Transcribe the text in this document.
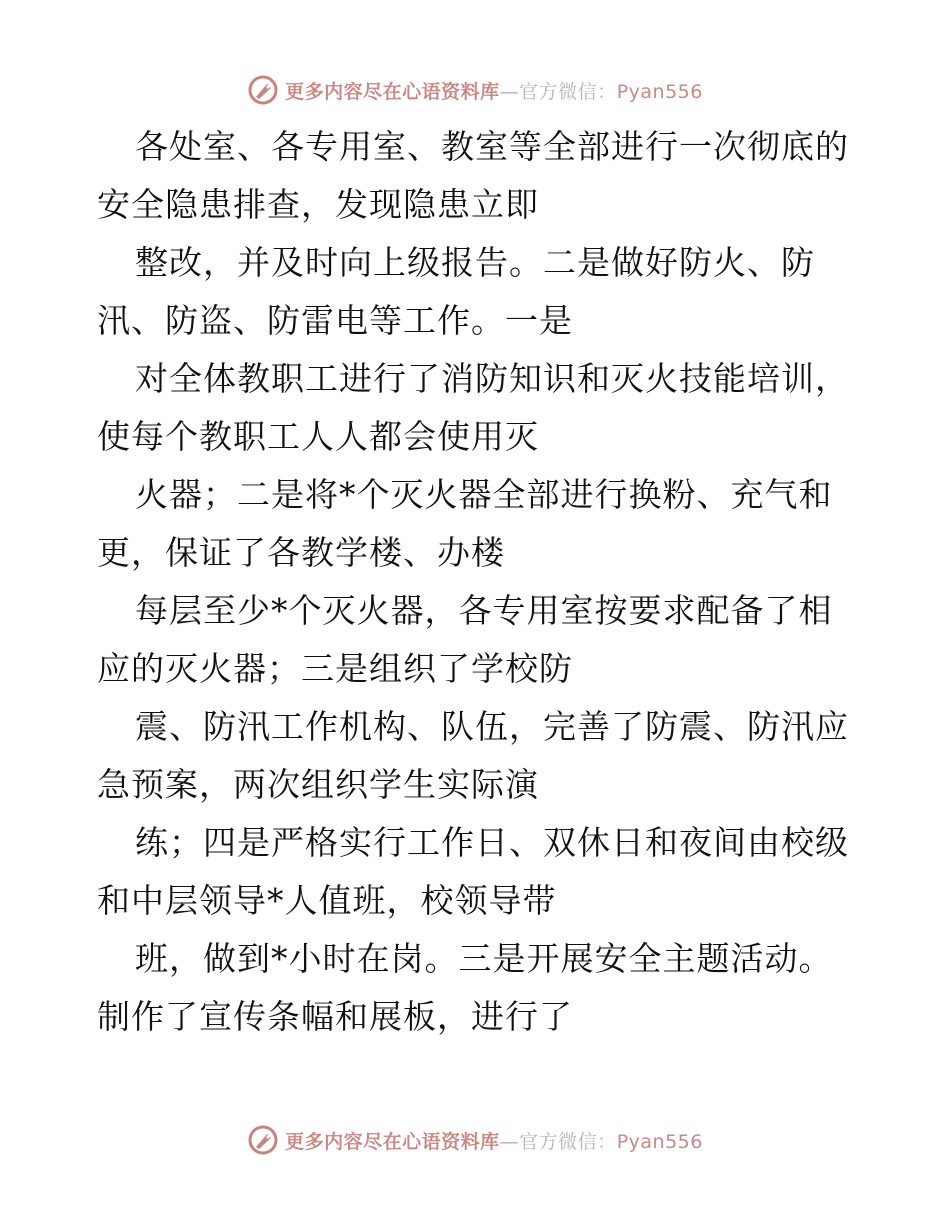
更多内容尽在心语资料库—官方微信：Pyan556
各处室、各专用室、教室等全部进行一次彻底的
安全隐患排查，发现隐患立即
整改，并及时向上级报告。二是做好防火、防
汛、防盗、防雷电等工作。一是
对全体教职工进行了消防知识和灭火技能培训，
使每个教职工人人都会使用灭
火器；二是将*个灭火器全部进行换粉、充气和
更，保证了各教学楼、办楼
每层至少*个灭火器，各专用室按要求配备了相
应的灭火器；三是组织了学校防
震、防汛工作机构、队伍，完善了防震、防汛应
急预案，两次组织学生实际演
练；四是严格实行工作日、双休日和夜间由校级
和中层领导*人值班，校领导带
班，做到*小时在岗。三是开展安全主题活动。
制作了宣传条幅和展板，进行了
更多内容尽在心语资料库—官方微信：Pyan556
